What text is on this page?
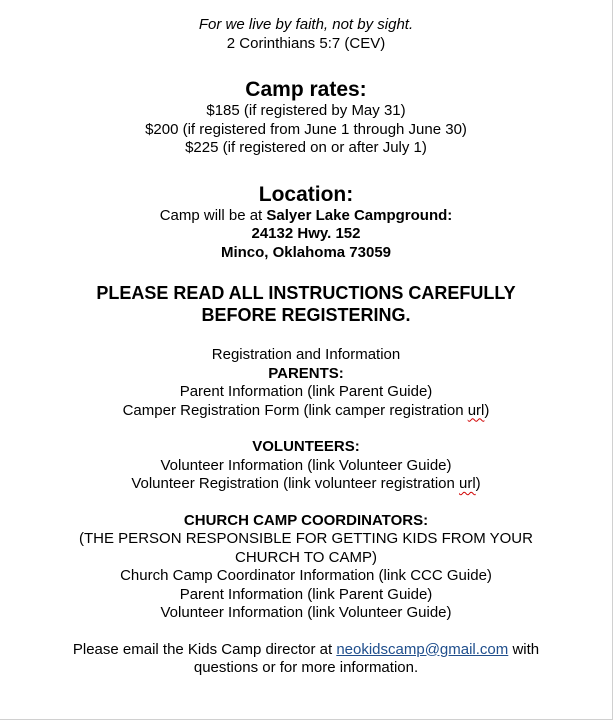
For we live by faith, not by sight.
2 Corinthians 5:7 (CEV)
Camp rates:
$185 (if registered by May 31)
$200 (if registered from June 1 through June 30)
$225 (if registered on or after July 1)
Location:
Camp will be at Salyer Lake Campground:
24132 Hwy. 152
Minco, Oklahoma 73059
PLEASE READ ALL INSTRUCTIONS CAREFULLY
BEFORE REGISTERING.
Registration and Information
PARENTS:
Parent Information (link Parent Guide)
Camper Registration Form (link camper registration url)
VOLUNTEERS:
Volunteer Information (link Volunteer Guide)
Volunteer Registration (link volunteer registration url)
CHURCH CAMP COORDINATORS:
(THE PERSON RESPONSIBLE FOR GETTING KIDS FROM YOUR
CHURCH TO CAMP)
Church Camp Coordinator Information (link CCC Guide)
Parent Information (link Parent Guide)
Volunteer Information (link Volunteer Guide)
Please email the Kids Camp director at neokidscamp@gmail.com with
questions or for more information.
